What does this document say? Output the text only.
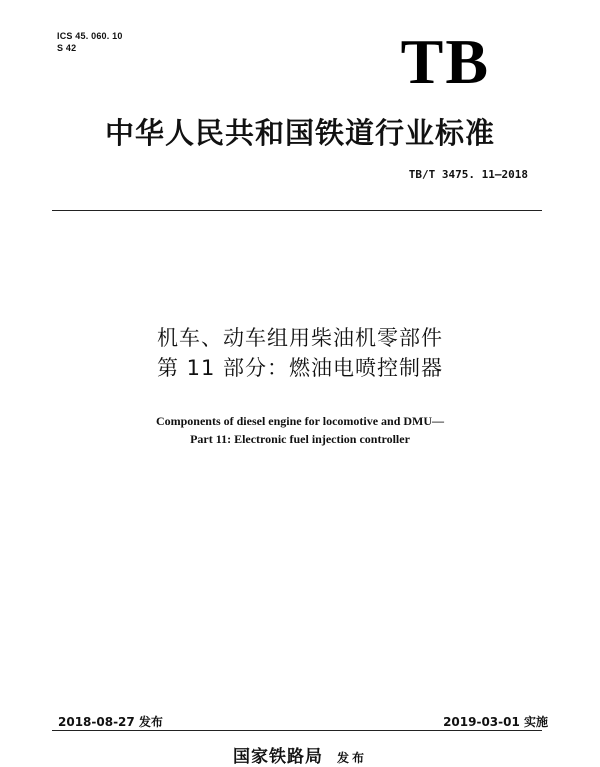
ICS 45. 060. 10
S 42	TB
中华人民共和国铁道行业标准
TB/T 3475. 11—2018
机车、动车组用柴油机零部件
第 11 部分：燃油电喷控制器
Components of diesel engine for locomotive and DMU—
Part 11: Electronic fuel injection controller
2018-08-27 发布	2019-03-01 实施
国家铁路局 发布
